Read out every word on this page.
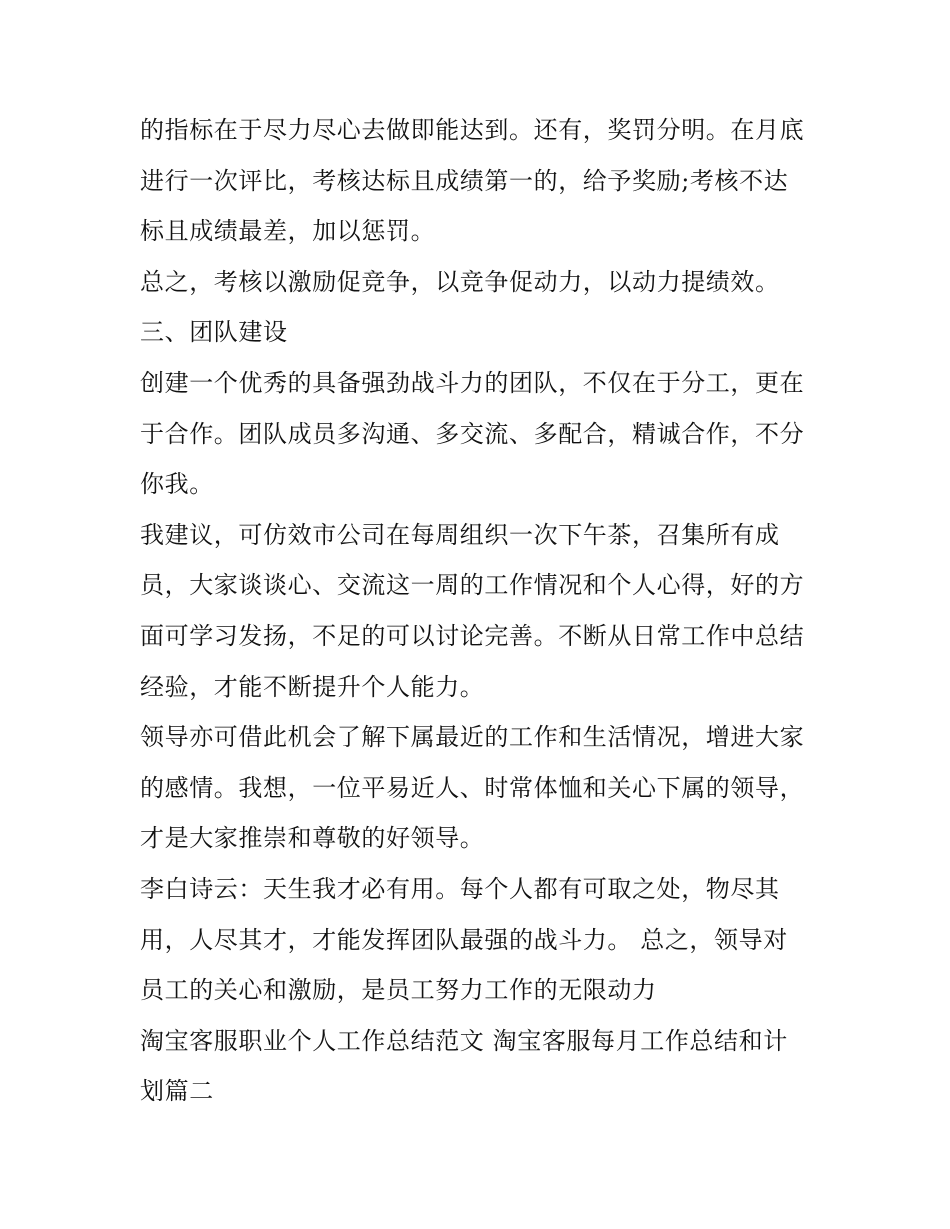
的指标在于尽力尽心去做即能达到。还有，奖罚分明。在月底
进行一次评比，考核达标且成绩第一的，给予奖励;考核不达
标且成绩最差，加以惩罚。
总之，考核以激励促竞争，以竞争促动力，以动力提绩效。
三、团队建设
创建一个优秀的具备强劲战斗力的团队，不仅在于分工，更在
于合作。团队成员多沟通、多交流、多配合，精诚合作，不分
你我。
我建议，可仿效市公司在每周组织一次下午茶，召集所有成
员，大家谈谈心、交流这一周的工作情况和个人心得，好的方
面可学习发扬，不足的可以讨论完善。不断从日常工作中总结
经验，才能不断提升个人能力。
领导亦可借此机会了解下属最近的工作和生活情况，增进大家
的感情。我想，一位平易近人、时常体恤和关心下属的领导，
才是大家推崇和尊敬的好领导。
李白诗云：天生我才必有用。每个人都有可取之处，物尽其
用，人尽其才，才能发挥团队最强的战斗力。 总之，领导对
员工的关心和激励，是员工努力工作的无限动力
淘宝客服职业个人工作总结范文 淘宝客服每月工作总结和计
划篇二
